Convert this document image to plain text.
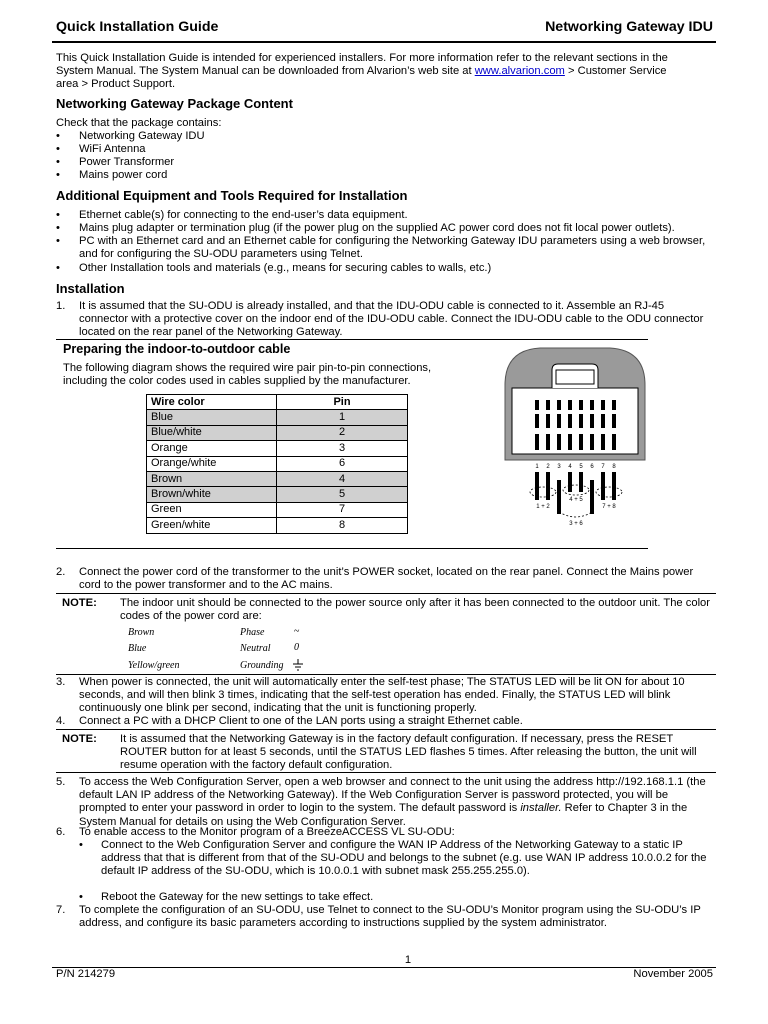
Quick Installation Guide	Networking Gateway IDU
This Quick Installation Guide is intended for experienced installers. For more information refer to the relevant sections in the
System Manual. The System Manual can be downloaded from Alvarion’s web site at www.alvarion.com > Customer Service
area > Product Support.
Networking Gateway Package Content
Check that the package contains:
• Networking Gateway IDU
• WiFi Antenna
• Power Transformer
• Mains power cord
Additional Equipment and Tools Required for Installation
• Ethernet cable(s) for connecting to the end-user’s data equipment.
• Mains plug adapter or termination plug (if the power plug on the supplied AC power cord does not fit local power outlets).
• PC with an Ethernet card and an Ethernet cable for configuring the Networking Gateway IDU parameters using a web browser, and for configuring the SU-ODU parameters using Telnet.
• Other Installation tools and materials (e.g., means for securing cables to walls, etc.)
Installation
1. It is assumed that the SU-ODU is already installed, and that the IDU-ODU cable is connected to it. Assemble an RJ-45 connector with a protective cover on the indoor end of the IDU-ODU cable. Connect the IDU-ODU cable to the ODU connector located on the rear panel of the Networking Gateway.
Preparing the indoor-to-outdoor cable
The following diagram shows the required wire pair pin-to-pin connections, including the color codes used in cables supplied by the manufacturer.
Wire color	Pin
Blue	1
Blue/white	2
Orange	3
Orange/white	6
Brown	4
Brown/white	5
Green	7
Green/white	8
1 2 3 4 5 6 7 8
1 + 2
4 + 5
7 + 8
3 + 6
2. Connect the power cord of the transformer to the unit’s POWER socket, located on the rear panel. Connect the Mains power cord to the power transformer and to the AC mains.
NOTE: The indoor unit should be connected to the power source only after it has been connected to the outdoor unit. The color codes of the power cord are:
Brown	Phase	~
Blue	Neutral 0
Yellow/green	Grounding
3. When power is connected, the unit will automatically enter the self-test phase; The STATUS LED will be lit ON for about 10 seconds, and will then blink 3 times, indicating that the self-test operation has ended. Finally, the STATUS LED will blink continuously one blink per second, indicating that the unit is functioning properly.
4. Connect a PC with a DHCP Client to one of the LAN ports using a straight Ethernet cable.
NOTE: It is assumed that the Networking Gateway is in the factory default configuration. If necessary, press the RESET ROUTER button for at least 5 seconds, until the STATUS LED flashes 5 times. After releasing the button, the unit will resume operation with the factory default configuration.
5. To access the Web Configuration Server, open a web browser and connect to the unit using the address http://192.168.1.1 (the default LAN IP address of the Networking Gateway). If the Web Configuration Server is password protected, you will be prompted to enter your password in order to login to the system. The default password is installer. Refer to Chapter 3 in the System Manual for details on using the Web Configuration Server.
6. To enable access to the Monitor program of a BreezeACCESS VL SU-ODU:
• Connect to the Web Configuration Server and configure the WAN IP Address of the Networking Gateway to a static IP address that that is different from that of the SU-ODU and belongs to the subnet (e.g. use WAN IP address 10.0.0.2 for the default IP address of the SU-ODU, which is 10.0.0.1 with subnet mask 255.255.255.0).
• Reboot the Gateway for the new settings to take effect.
7. To complete the configuration of an SU-ODU, use Telnet to connect to the SU-ODU’s Monitor program using the SU-ODU’s IP address, and configure its basic parameters according to instructions supplied by the system administrator.
1
P/N 214279	November 2005
